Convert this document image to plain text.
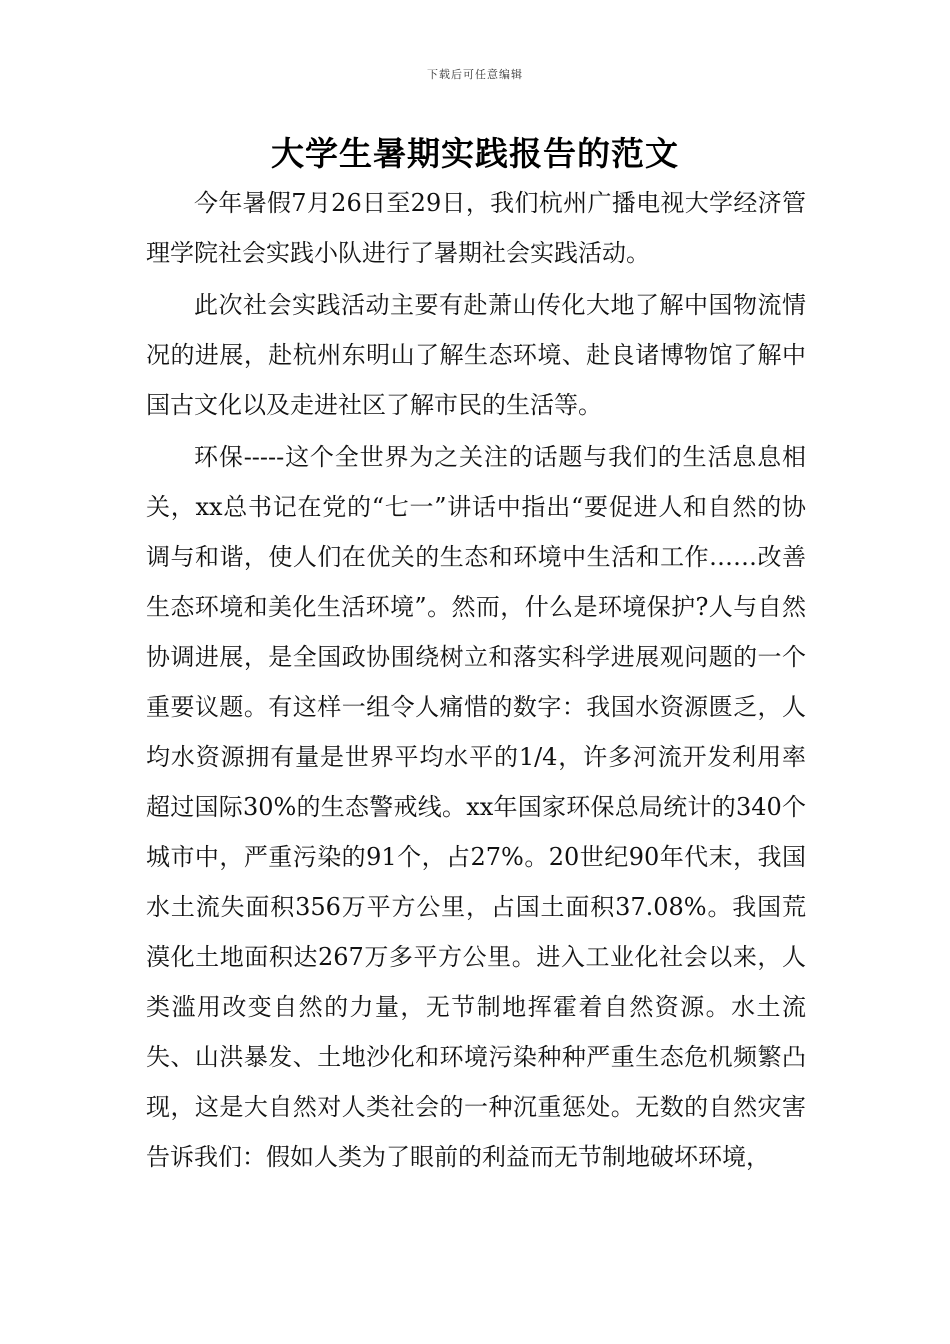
下载后可任意编辑
大学生暑期实践报告的范文

今年暑假7月26日至29日，我们杭州广播电视大学经济管理学院社会实践小队进行了暑期社会实践活动。

此次社会实践活动主要有赴萧山传化大地了解中国物流情况的进展，赴杭州东明山了解生态环境、赴良诸博物馆了解中国古文化以及走进社区了解市民的生活等。

环保-----这个全世界为之关注的话题与我们的生活息息相关，xx总书记在党的“七一”讲话中指出“要促进人和自然的协调与和谐，使人们在优关的生态和环境中生活和工作……改善生态环境和美化生活环境”。然而，什么是环境保护?人与自然协调进展，是全国政协围绕树立和落实科学进展观问题的一个重要议题。有这样一组令人痛惜的数字：我国水资源匮乏，人均水资源拥有量是世界平均水平的1/4，许多河流开发利用率超过国际30%的生态警戒线。xx年国家环保总局统计的340个城市中，严重污染的91个，占27%。20世纪90年代末，我国水土流失面积356万平方公里，占国土面积37.08%。我国荒漠化土地面积达267万多平方公里。进入工业化社会以来，人类滥用改变自然的力量，无节制地挥霍着自然资源。水土流失、山洪暴发、土地沙化和环境污染种种严重生态危机频繁凸现，这是大自然对人类社会的一种沉重惩处。无数的自然灾害告诉我们：假如人类为了眼前的利益而无节制地破坏环境，
